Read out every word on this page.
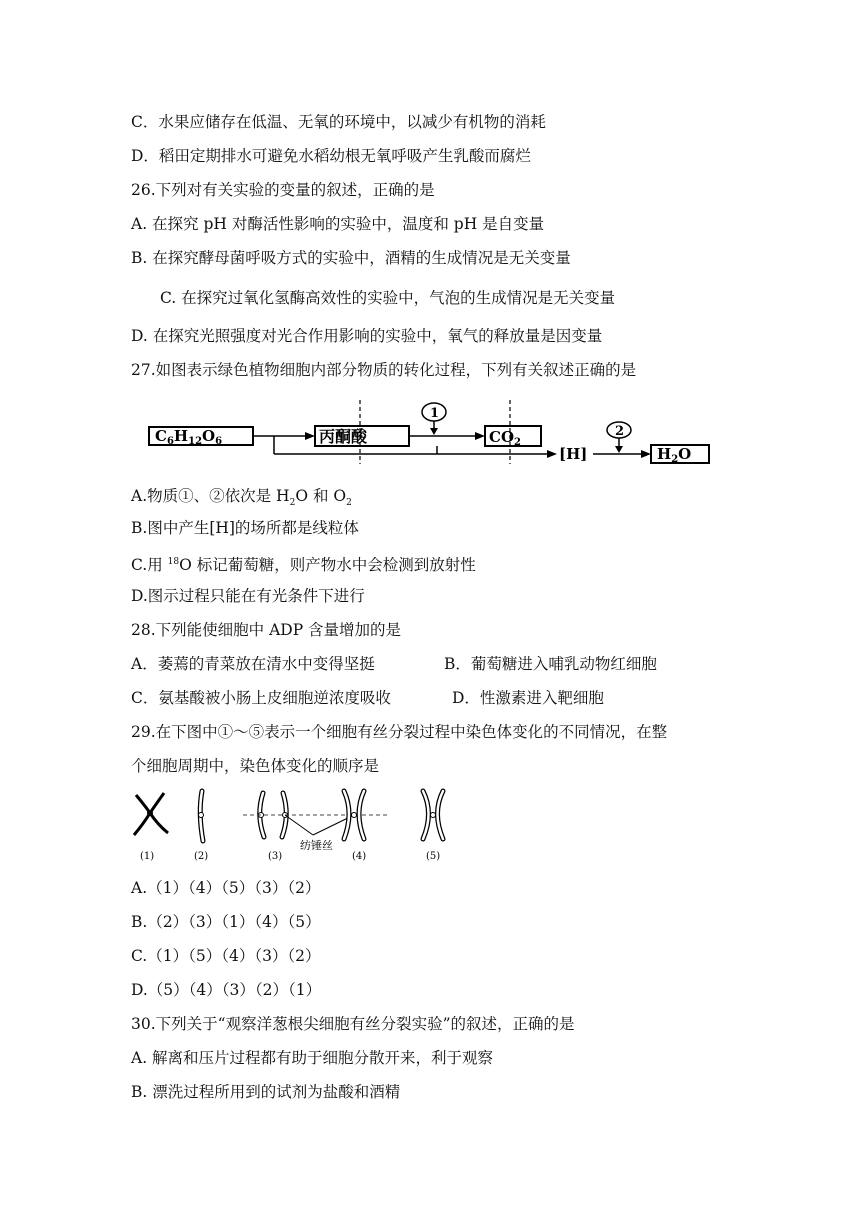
C．水果应储存在低温、无氧的环境中，以减少有机物的消耗
D．稻田定期排水可避免水稻幼根无氧呼吸产生乳酸而腐烂
26.下列对有关实验的变量的叙述，正确的是
A. 在探究 pH 对酶活性影响的实验中，温度和 pH 是自变量
B. 在探究酵母菌呼吸方式的实验中，酒精的生成情况是无关变量
C. 在探究过氧化氢酶高效性的实验中，气泡的生成情况是无关变量
D. 在探究光照强度对光合作用影响的实验中，氧气的释放量是因变量
27.如图表示绿色植物细胞内部分物质的转化过程，下列有关叙述正确的是
$C_6H_{12}O_6$	丙酮酸
1
$CO_2$
[H]
2
$H_2O$
A.物质①、②依次是 $H_2O$ 和 $O_2$
B.图中产生[H]的场所都是线粒体
C.用 $^{18}$O 标记葡萄糖，则产物水中会检测到放射性
D.图示过程只能在有光条件下进行
28.下列能使细胞中 ADP 含量增加的是
A．萎蔫的青菜放在清水中变得坚挺	B．葡萄糖进入哺乳动物红细胞
C．氨基酸被小肠上皮细胞逆浓度吸收	D．性激素进入靶细胞
29.在下图中①～⑤表示一个细胞有丝分裂过程中染色体变化的不同情况，在整
个细胞周期中，染色体变化的顺序是
(1)	(2)	(3)
纺锤丝
(4)	(5)
A.（1）（4）（5）（3）（2）
B.（2）（3）（1）（4）（5）
C.（1）（5）（4）（3）（2）
D.（5）（4）（3）（2）（1）
30.下列关于“观察洋葱根尖细胞有丝分裂实验”的叙述，正确的是
A. 解离和压片过程都有助于细胞分散开来，利于观察
B. 漂洗过程所用到的试剂为盐酸和酒精
